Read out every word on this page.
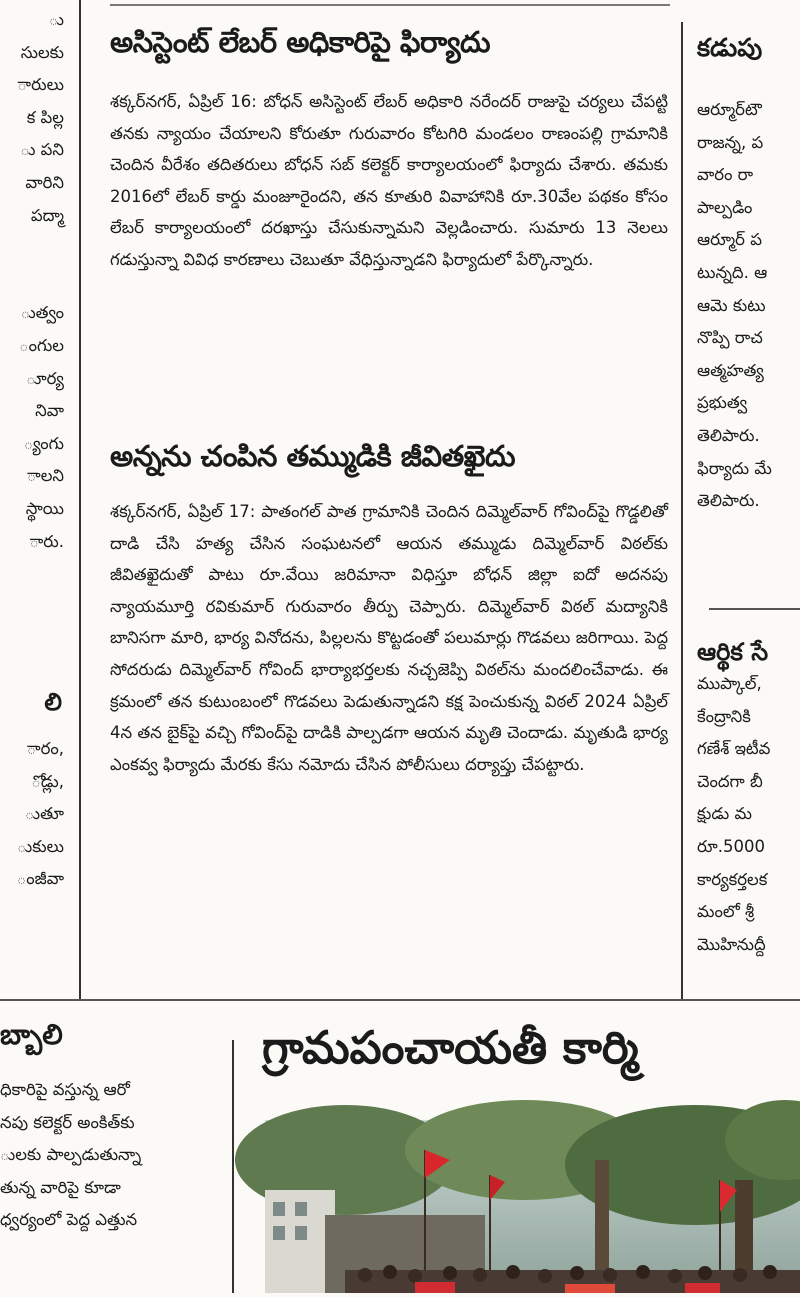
ు

సులకు

ారులు

క పిల్ల

ు పని

వారిని

పద్మా

ుత్వం

ంగుల

ూర్య

నివా

్యంగు

ాలని

స్థాయి

ారు.

లి

ారం,

ోడ్లు,

ుతూ

ుకులు

ంజీవా

అసిస్టెంట్ లేబర్ అధికారిపై ఫిర్యాదు

శక్కర్‌నగర్, ఏప్రిల్ 16: బోధన్ అసిస్టెంట్ లేబర్ అధికారి నరేందర్ రాజుపై చర్యలు చేపట్టి తనకు న్యాయం చేయాలని కోరుతూ గురువారం కోటగిరి మండలం రాణంపల్లి గ్రామానికి చెందిన వీరేశం తదితరులు బోధన్ సబ్ కలెక్టర్ కార్యాలయంలో ఫిర్యాదు చేశారు. తమకు 2016లో లేబర్ కార్డు మంజూరైందని, తన కూతురి వివాహానికి రూ.30వేల పథకం కోసం లేబర్ కార్యాలయంలో దరఖాస్తు చేసుకున్నామని వెల్లడించారు. సుమారు 13 నెలలు గడుస్తున్నా వివిధ కారణాలు చెబుతూ వేధిస్తున్నాడని ఫిర్యాదులో పేర్కొన్నారు.

అన్నను చంపిన తమ్ముడికి జీవితఖైదు

శక్కర్‌నగర్, ఏప్రిల్ 17: పాతంగల్ పాత గ్రామానికి చెందిన దిమ్మెల్‌వార్ గోవింద్‌పై గొడ్డలితో దాడి చేసి హత్య చేసిన సంఘటనలో ఆయన తమ్ముడు దిమ్మెల్‌వార్ విఠల్‌కు జీవితఖైదుతో పాటు రూ.వేయి జరిమానా విధిస్తూ బోధన్ జిల్లా ఐదో అదనపు న్యాయమూర్తి రవికుమార్ గురువారం తీర్పు చెప్పారు. దిమ్మెల్‌వార్ విఠల్ మద్యానికి బానిసగా మారి, భార్య వినోదను, పిల్లలను కొట్టడంతో పలుమార్లు గొడవలు జరిగాయి. పెద్ద సోదరుడు దిమ్మెల్‌వార్ గోవింద్ భార్యాభర్తలకు నచ్చజెప్పి విఠల్‌ను మందలించేవాడు. ఈ క్రమంలో తన కుటుంబంలో గొడవలు పెడుతున్నాడని కక్ష పెంచుకున్న విఠల్ 2024 ఏప్రిల్ 4న తన బైక్‌పై వచ్చి గోవింద్‌పై దాడికి పాల్పడగా ఆయన మృతి చెందాడు. మృతుడి భార్య ఎంకవ్వ ఫిర్యాదు మేరకు కేసు నమోదు చేసిన పోలీసులు దర్యాప్తు చేపట్టారు.

కడుపు

ఆర్మూర్‌టౌ

రాజన్న, ప

వారం రా

పాల్పడిం

ఆర్మూర్ ప

టున్నది. ఆ

ఆమె కుటు

నొప్పి రాచ

ఆత్మహత్య

ప్రభుత్వ

తెలిపారు.

ఫిర్యాదు మే

తెలిపారు.

ఆర్థిక సే

ముప్కాల్,

కేంద్రానికి

గణేశ్ ఇటీవ

చెందగా బీ

క్షుడు మ

రూ.5000

కార్యకర్తలక

మంలో శ్రీ

మొహినుద్దీ

బ్బాలి

ధికారిపై వస్తున్న ఆరో

నపు కలెక్టర్ అంకిత్‌కు

ులకు పాల్పడుతున్నా

తున్న వారిపై కూడా

ధ్వర్యంలో పెద్ద ఎత్తున

గ్రామపంచాయతీ కార్మి
